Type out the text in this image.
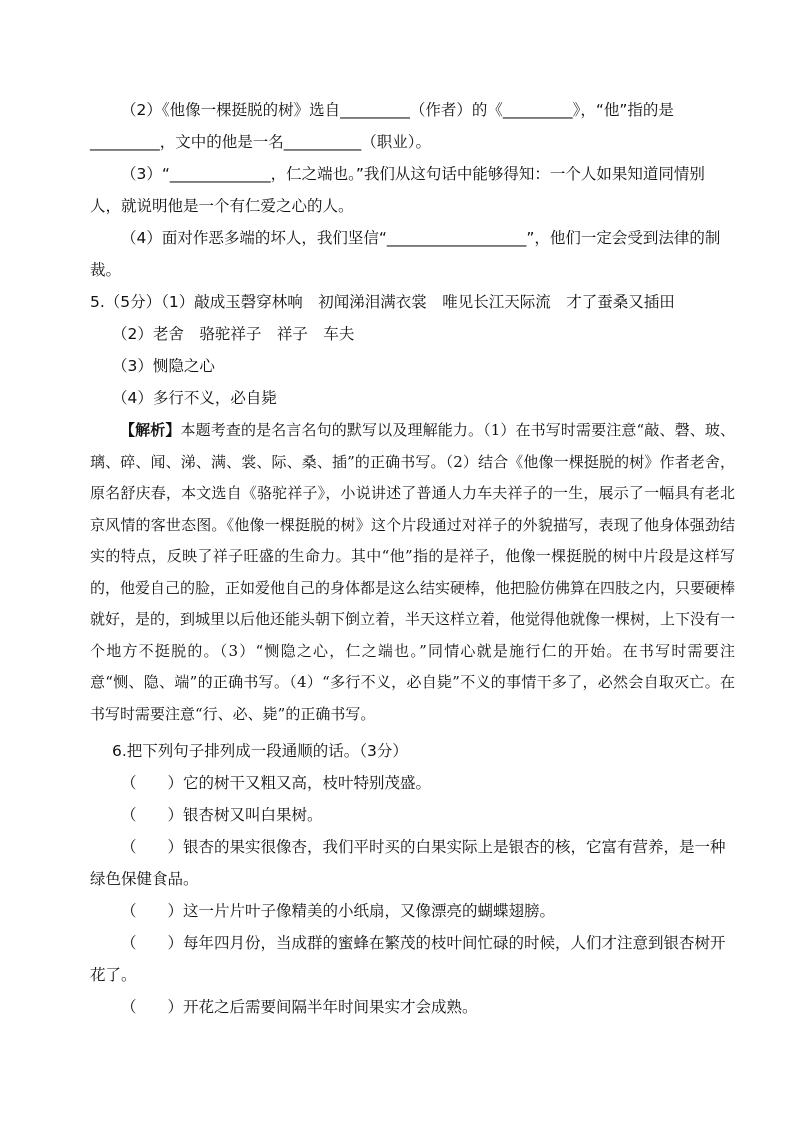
（2）《他像一棵挺脱的树》选自_________（作者）的《_________》，“他”指的是_________，文中的他是一名__________（职业）。
（3）“_____________，仁之端也。”我们从这句话中能够得知：一个人如果知道同情别人，就说明他是一个有仁爱之心的人。
（4）面对作恶多端的坏人，我们坚信“__________________”，他们一定会受到法律的制裁。
5.（5分）（1）敲成玉磬穿林响　初闻涕泪满衣裳　唯见长江天际流　才了蚕桑又插田
（2）老舍　骆驼祥子　祥子　车夫
（3）恻隐之心
（4）多行不义，必自毙
【解析】本题考查的是名言名句的默写以及理解能力。（1）在书写时需要注意“敲、磬、玻、璃、碎、闻、涕、满、裳、际、桑、插”的正确书写。（2）结合《他像一棵挺脱的树》作者老舍，原名舒庆春，本文选自《骆驼祥子》，小说讲述了普通人力车夫祥子的一生，展示了一幅具有老北京风情的客世态图。《他像一棵挺脱的树》这个片段通过对祥子的外貌描写，表现了他身体强劲结实的特点，反映了祥子旺盛的生命力。其中“他”指的是祥子，他像一棵挺脱的树中片段是这样写的，他爱自己的脸，正如爱他自己的身体都是这么结实硬棒，他把脸仿佛算在四肢之内，只要硬棒就好，是的，到城里以后他还能头朝下倒立着，半天这样立着，他觉得他就像一棵树，上下没有一个地方不挺脱的。（3）“恻隐之心，仁之端也。”同情心就是施行仁的开始。在书写时需要注意“恻、隐、端”的正确书写。（4）“多行不义，必自毙”不义的事情干多了，必然会自取灭亡。在书写时需要注意“行、必、毙”的正确书写。
6.把下列句子排列成一段通顺的话。（3分）
（　　）它的树干又粗又高，枝叶特别茂盛。
（　　）银杏树又叫白果树。
（　　）银杏的果实很像杏，我们平时买的白果实际上是银杏的核，它富有营养，是一种绿色保健食品。
（　　）这一片片叶子像精美的小纸扇，又像漂亮的蝴蝶翅膀。
（　　）每年四月份，当成群的蜜蜂在繁茂的枝叶间忙碌的时候，人们才注意到银杏树开花了。
（　　）开花之后需要间隔半年时间果实才会成熟。
